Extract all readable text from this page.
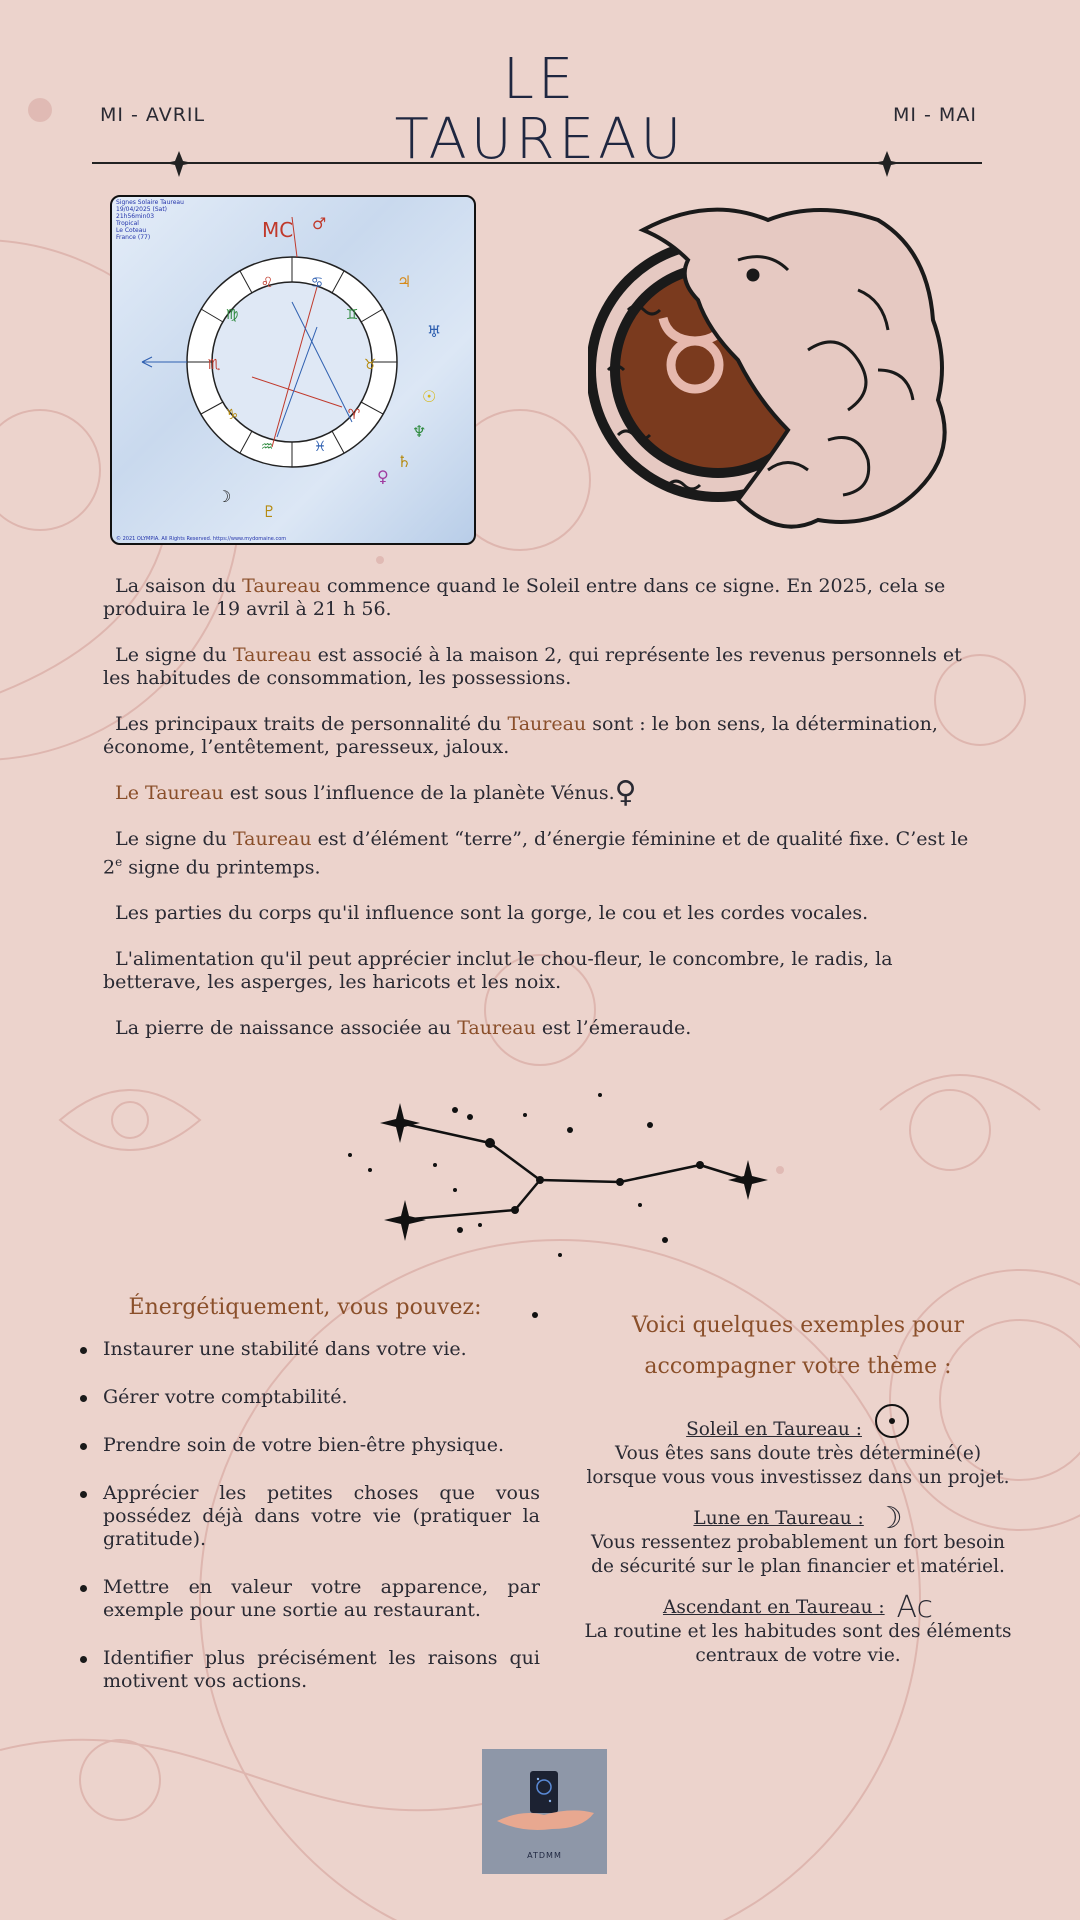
LE
TAUREAU
MI - AVRIL	MI - MAI
Signes Solaire Taureau
19/04/2025 (Sat)
21h56min03
Tropical
Le Coteau
France (77)
♌	♋
♊
♉
♈
♓
♒
♑
♏
♍
MC ♂
♃
♅
☉
♆
♄
♀
☽
♇
© 2021 OLYMPIA. All Rights Reserved. https://www.mydomaine.com

La saison du Taureau commence quand le Soleil entre dans ce signe. En 2025, cela se produira le 19 avril à 21 h 56.

Le signe du Taureau est associé à la maison 2, qui représente les revenus personnels et les habitudes de consommation, les possessions.

Les principaux traits de personnalité du Taureau sont : le bon sens, la détermination, économe, l’entêtement, paresseux, jaloux.

Le Taureau est sous l’influence de la planète Vénus.♀

Le signe du Taureau est d’élément “terre”, d’énergie féminine et de qualité fixe. C’est le 2e signe du printemps.

Les parties du corps qu'il influence sont la gorge, le cou et les cordes vocales.

L'alimentation qu'il peut apprécier inclut le chou-fleur, le concombre, le radis, la betterave, les asperges, les haricots et les noix.

La pierre de naissance associée au Taureau est l’émeraude.

Énergétiquement, vous pouvez:
Instaurer une stabilité dans votre vie.
Gérer votre comptabilité.
Prendre soin de votre bien-être physique.
Apprécier les petites choses que vous possédez déjà dans votre vie (pratiquer la gratitude).
Mettre en valeur votre apparence, par exemple pour une sortie au restaurant.
Identifier plus précisément les raisons qui motivent vos actions.
Voici quelques exemples pour
accompagner votre thème :
Soleil en Taureau :
Vous êtes sans doute très déterminé(e) lorsque vous vous investissez dans un projet.
Lune en Taureau : ☽
Vous ressentez probablement un fort besoin de sécurité sur le plan financier et matériel.
Ascendant en Taureau : Ac
La routine et les habitudes sont des éléments centraux de votre vie.
ATDMM
